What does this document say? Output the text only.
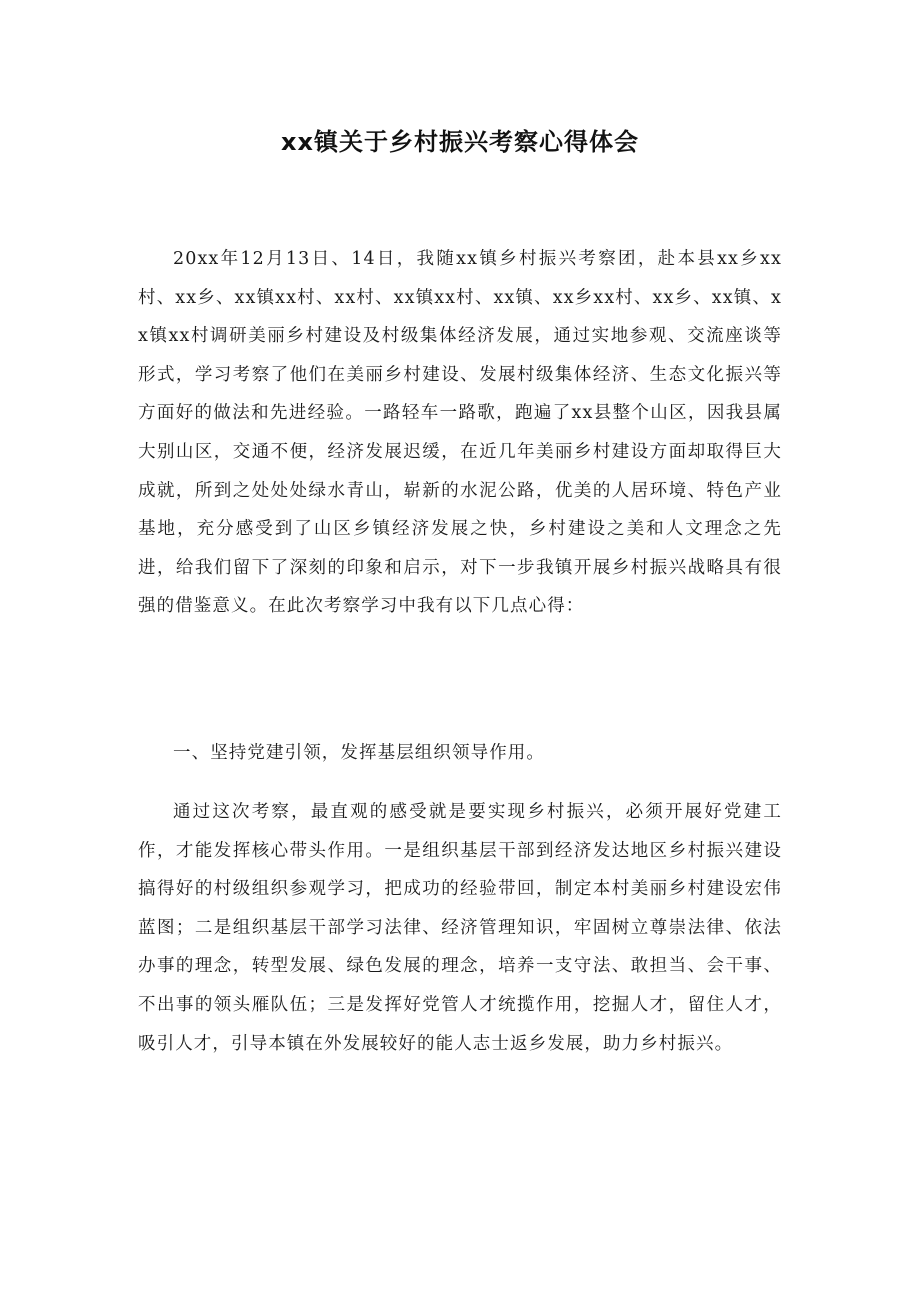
xx镇关于乡村振兴考察心得体会

20xx年12月13日、14日，我随xx镇乡村振兴考察团，赴本县xx乡xx村、xx乡、xx镇xx村、xx村、xx镇xx村、xx镇、xx乡xx村、xx乡、xx镇、xx镇xx村调研美丽乡村建设及村级集体经济发展，通过实地参观、交流座谈等形式，学习考察了他们在美丽乡村建设、发展村级集体经济、生态文化振兴等方面好的做法和先进经验。一路轻车一路歌，跑遍了xx县整个山区，因我县属大别山区，交通不便，经济发展迟缓，在近几年美丽乡村建设方面却取得巨大成就，所到之处处处绿水青山，崭新的水泥公路，优美的人居环境、特色产业基地，充分感受到了山区乡镇经济发展之快，乡村建设之美和人文理念之先进，给我们留下了深刻的印象和启示，对下一步我镇开展乡村振兴战略具有很强的借鉴意义。在此次考察学习中我有以下几点心得：

一、坚持党建引领，发挥基层组织领导作用。

通过这次考察，最直观的感受就是要实现乡村振兴，必须开展好党建工作，才能发挥核心带头作用。一是组织基层干部到经济发达地区乡村振兴建设搞得好的村级组织参观学习，把成功的经验带回，制定本村美丽乡村建设宏伟蓝图；二是组织基层干部学习法律、经济管理知识，牢固树立尊崇法律、依法办事的理念，转型发展、绿色发展的理念，培养一支守法、敢担当、会干事、不出事的领头雁队伍；三是发挥好党管人才统揽作用，挖掘人才，留住人才，吸引人才，引导本镇在外发展较好的能人志士返乡发展，助力乡村振兴。
